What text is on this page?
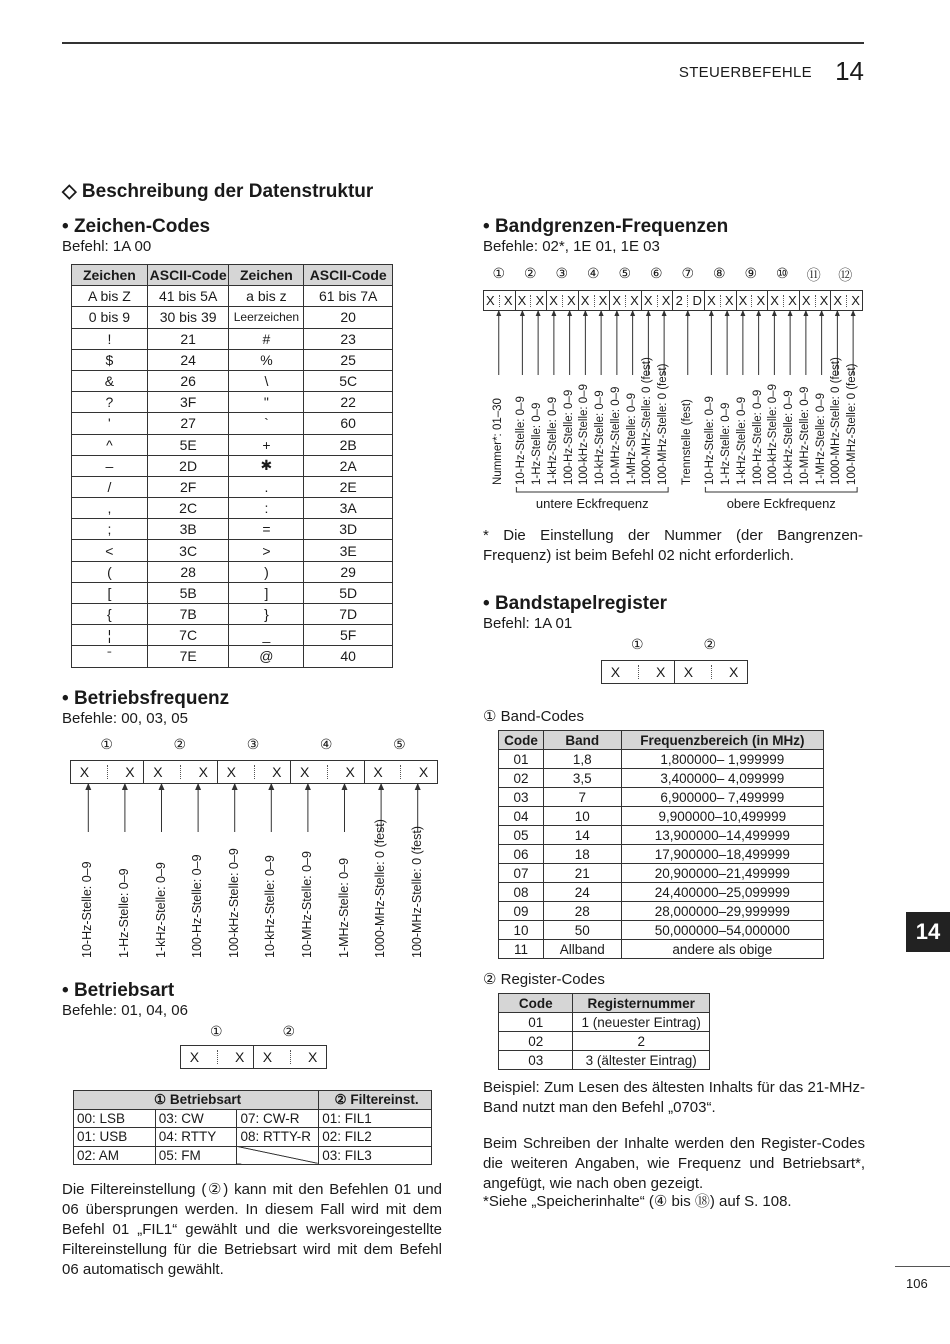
STEUERBEFEHLE 14
◇ Beschreibung der Datenstruktur
• Zeichen-Codes
Befehl: 1A 00
Zeichen	ASCII-Code	Zeichen	ASCII-Code
A bis Z	41 bis 5A	a bis z	61 bis 7A
0 bis 9	30 bis 39	Leerzeichen	20
!	21	#	23
$	24	%	25
&	26	\	5C
?	3F	"	22
'	27	`	60
^	5E	+	2B
–	2D	✱	2A
/	2F	.	2E
,	2C	:	3A
;	3B	=	3D
<	3C	>	3E
(	28	)	29
[	5B	]	5D
{	7B	}	7D
¦	7C	_	5F
ˉ	7E	@	40
• Betriebsfrequenz
Befehle: 00, 03, 05
①	②	③	④	⑤
X	X X	X X	X X	X X	X
10-Hz-Stelle: 0–9 1-Hz-Stelle: 0–9 1-kHz-Stelle: 0–9 100-Hz-Stelle: 0–9 100-kHz-Stelle: 0–9 10-kHz-Stelle: 0–9 10-MHz-Stelle: 0–9 1-MHz-Stelle: 0–9 1000-MHz-Stelle: 0 (fest) 100-MHz-Stelle: 0 (fest)
• Betriebsart
Befehle: 01, 04, 06
①	②
X	X X	X
① Betriebsart			② Filtereinst.
00: LSB	03: CW	07: CW-R	01: FIL1
01: USB	04: RTTY	08: RTTY-R	02: FIL2
02: AM	05: FM		03: FIL3
Die Filtereinstellung (②) kann mit den Befehlen 01 und 06 übersprungen werden. In diesem Fall wird mit dem Befehl 01 „FIL1“ gewählt und die werksvoreingestellte Filtereinstellung für die Betriebsart wird mit dem Befehl 06 automatisch gewählt.
• Bandgrenzen-Frequenzen
Befehle: 02*, 1E 01, 1E 03
①	②	③	④	⑤	⑥	⑦	⑧	⑨	⑩	⑪	⑫
X X X X X X X X X X X X 2 D X X X X X X X X X X
Nummer*: 01–30 10-Hz-Stelle: 0–9 1-Hz-Stelle: 0–9 1-kHz-Stelle: 0–9 100-Hz-Stelle: 0–9 100-kHz-Stelle: 0–9 10-kHz-Stelle: 0–9 10-MHz-Stelle: 0–9 1-MHz-Stelle: 0–9 1000-MHz-Stelle: 0 (fest) 100-MHz-Stelle: 0 (fest) Trennstelle (fest) 10-Hz-Stelle: 0–9 1-Hz-Stelle: 0–9 1-kHz-Stelle: 0–9 100-Hz-Stelle: 0–9 100-kHz-Stelle: 0–9 10-kHz-Stelle: 0–9 10-MHz-Stelle: 0–9 1-MHz-Stelle: 0–9 1000-MHz-Stelle: 0 (fest) 100-MHz-Stelle: 0 (fest)
untere Eckfrequenz	obere Eckfrequenz
* Die Einstellung der Nummer (der Bangrenzen-Frequenz) ist beim Befehl 02 nicht erforderlich.
• Bandstapelregister
Befehl: 1A 01
①	②
X	X X	X
① Band-Codes
Code	Band	Frequenzbereich (in MHz)
01	1,8	1,800000– 1,999999
02	3,5	3,400000– 4,099999
03	7	6,900000– 7,499999
04	10	9,900000–10,499999
05	14	13,900000–14,499999
06	18	17,900000–18,499999
07	21	20,900000–21,499999
08	24	24,400000–25,099999
09	28	28,000000–29,999999
10	50	50,000000–54,000000
11	Allband	andere als obige
② Register-Codes
Code	Registernummer
01	1 (neuester Eintrag)
02	2
03	3 (ältester Eintrag)
Beispiel: Zum Lesen des ältesten Inhalts für das 21-MHz-Band nutzt man den Befehl „0703“.
Beim Schreiben der Inhalte werden den Register-Codes die weiteren Angaben, wie Frequenz und Betriebsart*, angefügt, wie nach oben gezeigt.
*Siehe „Speicherinhalte“ (④ bis ⑱) auf S. 108.
14
106
